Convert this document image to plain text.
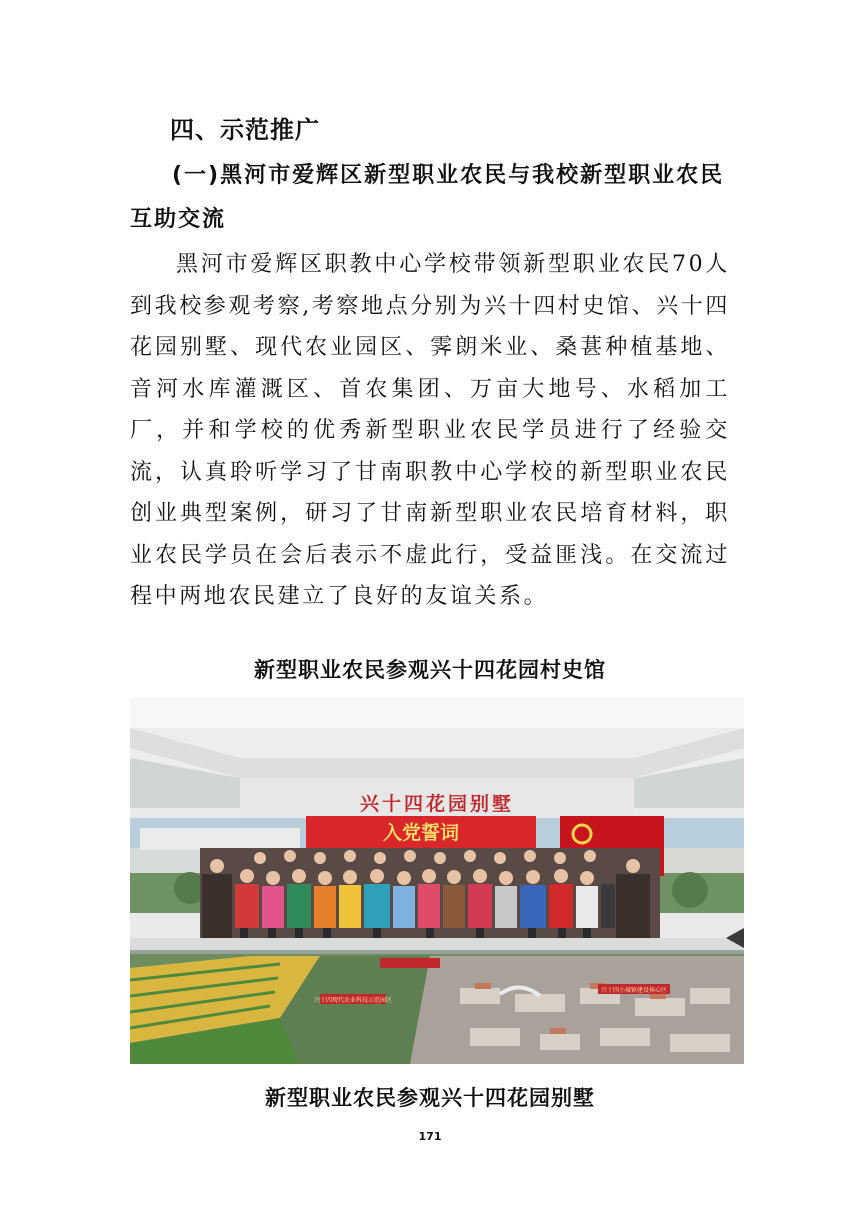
四、示范推广
(一)黑河市爱辉区新型职业农民与我校新型职业农民互助交流
黑河市爱辉区职教中心学校带领新型职业农民70人到我校参观考察,考察地点分别为兴十四村史馆、兴十四花园别墅、现代农业园区、霁朗米业、桑葚种植基地、音河水库灌溉区、首农集团、万亩大地号、水稻加工厂，并和学校的优秀新型职业农民学员进行了经验交流，认真聆听学习了甘南职教中心学校的新型职业农民创业典型案例，研习了甘南新型职业农民培育材料，职业农民学员在会后表示不虚此行，受益匪浅。在交流过程中两地农民建立了良好的友谊关系。
新型职业农民参观兴十四花园村史馆
兴十四花园别墅
入党誓词
兴十四现代农业科技示范园区
兴十四小城镇建设核心区
新型职业农民参观兴十四花园别墅
171
